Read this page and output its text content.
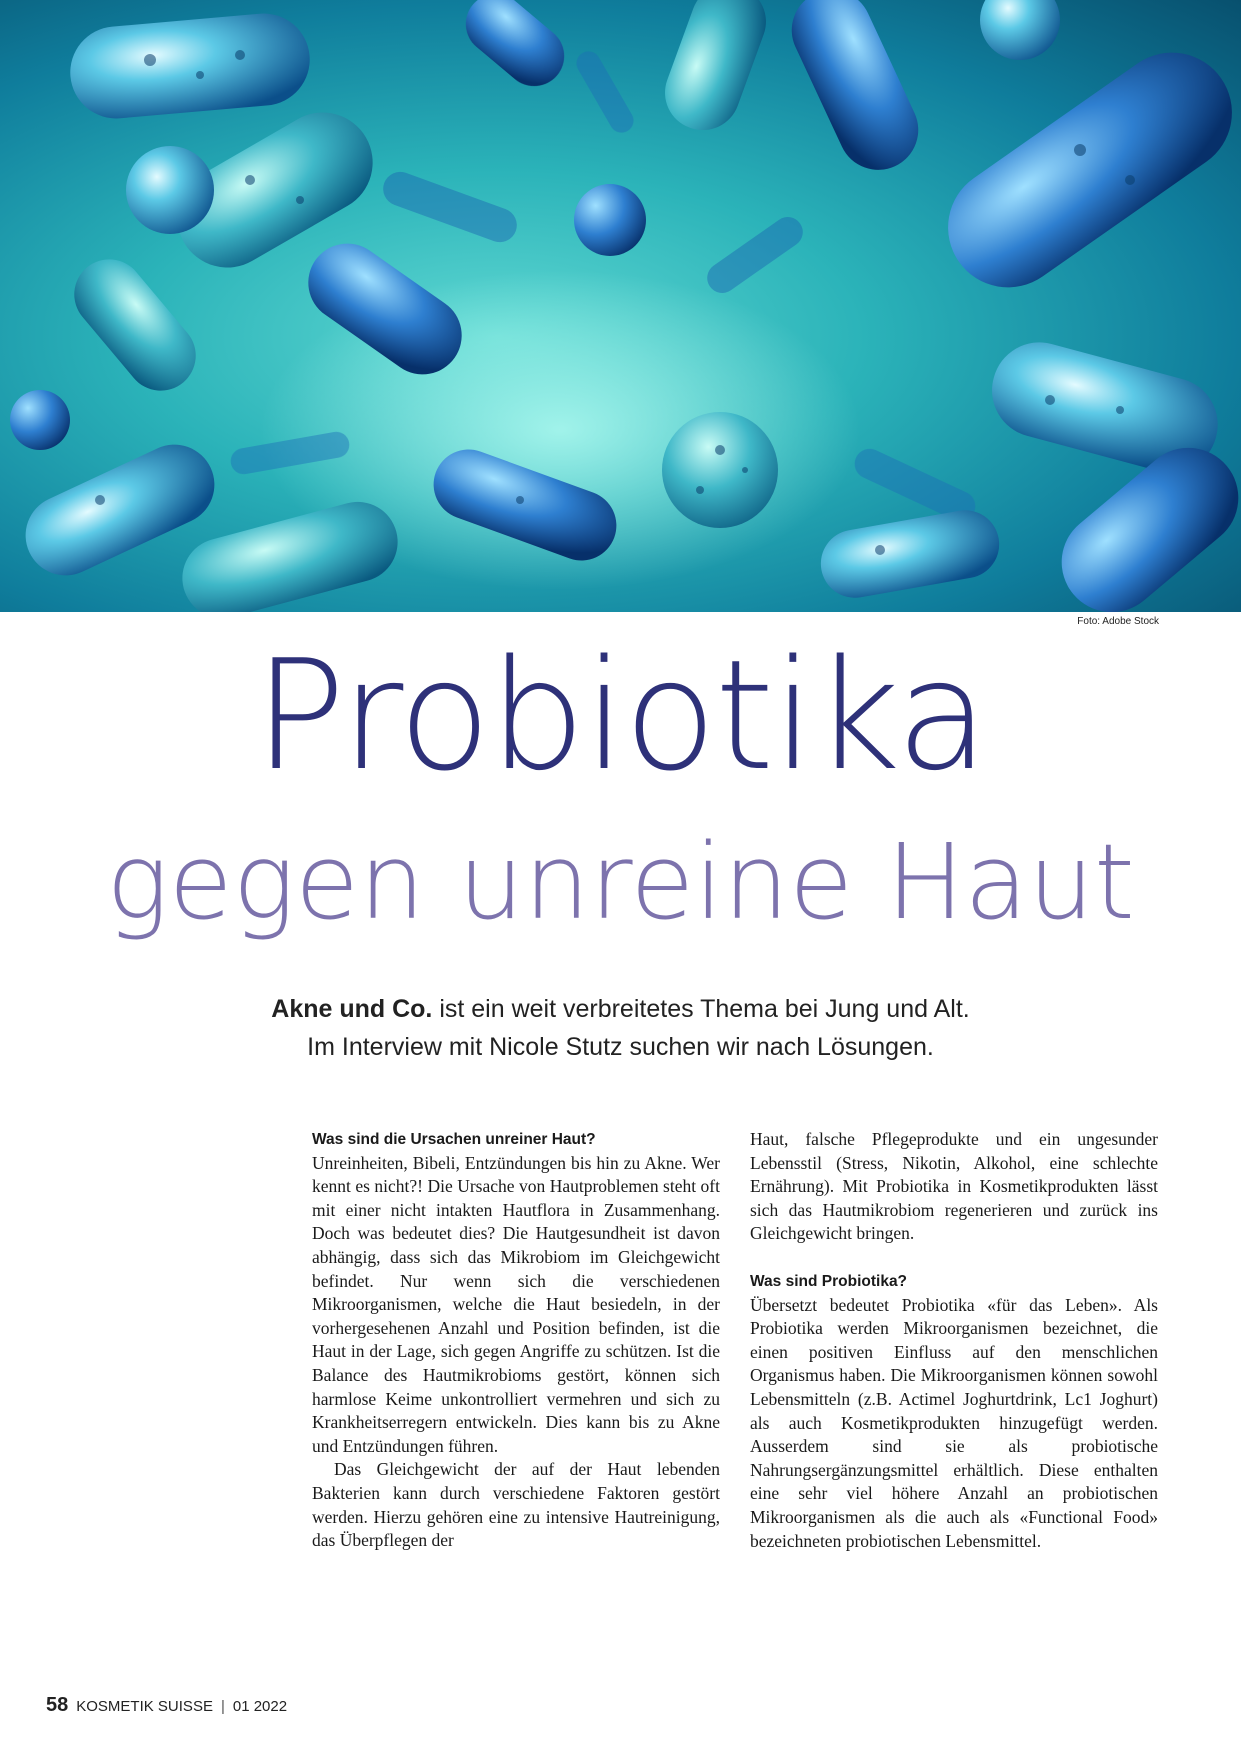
Foto: Adobe Stock
Probiotika
gegen unreine Haut
Akne und Co. ist ein weit verbreitetes Thema bei Jung und Alt.
Im Interview mit Nicole Stutz suchen wir nach Lösungen.
Was sind die Ursachen unreiner Haut?

Unreinheiten, Bibeli, Entzündungen bis hin zu Akne. Wer kennt es nicht?! Die Ursache von Hautproblemen steht oft mit einer nicht intakten Hautflora in Zusammenhang. Doch was bedeutet dies? Die Hautgesundheit ist davon abhängig, dass sich das Mikrobiom im Gleichgewicht befindet. Nur wenn sich die verschiedenen Mikroorganismen, welche die Haut besiedeln, in der vorhergesehenen Anzahl und Position befinden, ist die Haut in der Lage, sich gegen Angriffe zu schützen. Ist die Balance des Hautmikrobioms gestört, können sich harmlose Keime unkontrolliert vermehren und sich zu Krankheitserregern entwickeln. Dies kann bis zu Akne und Entzündungen führen.

Das Gleichgewicht der auf der Haut lebenden Bakterien kann durch verschiedene Faktoren gestört werden. Hierzu gehören eine zu intensive Hautreinigung, das Überpflegen der

Haut, falsche Pflegeprodukte und ein ungesunder Lebensstil (Stress, Nikotin, Alkohol, eine schlechte Ernährung). Mit Probiotika in Kosmetikprodukten lässt sich das Hautmikrobiom regenerieren und zurück ins Gleichgewicht bringen.

Was sind Probiotika?

Übersetzt bedeutet Probiotika «für das Leben». Als Probiotika werden Mikroorganismen bezeichnet, die einen positiven Einfluss auf den menschlichen Organismus haben. Die Mikroorganismen können sowohl Lebensmitteln (z.B. Actimel Joghurtdrink, Lc1 Joghurt) als auch Kosmetikprodukten hinzugefügt werden. Ausserdem sind sie als probiotische Nahrungsergänzungsmittel erhältlich. Diese enthalten eine sehr viel höhere Anzahl an probiotischen Mikroorganismen als die auch als «Functional Food» bezeichneten probiotischen Lebensmittel.

58 KOSMETIK SUISSE | 01 2022
